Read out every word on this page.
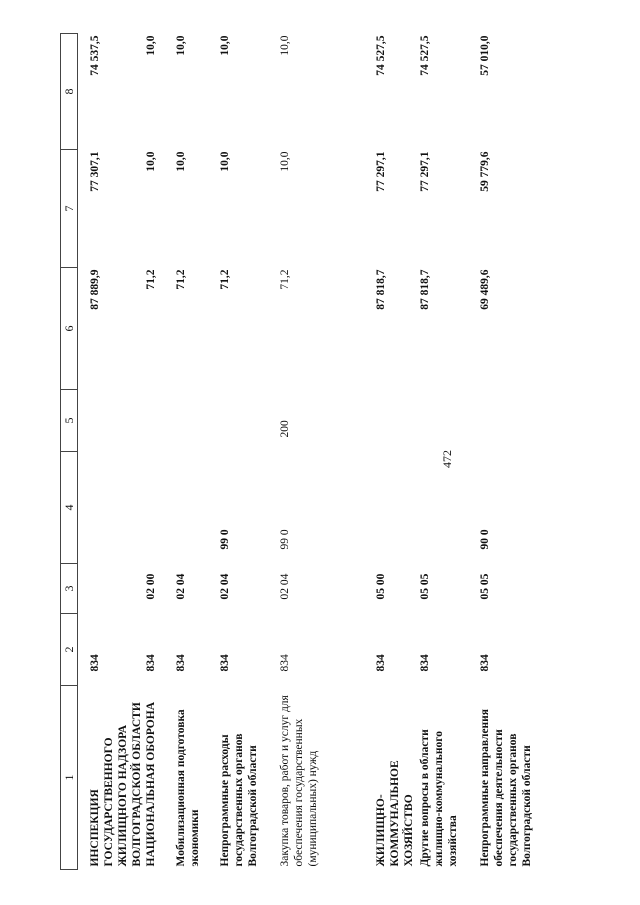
472
1	2	3	4	5	6	7	8
ИНСПЕКЦИЯ ГОСУДАРСТВЕННОГО ЖИЛИЩНОГО НАДЗОРА ВОЛГОГРАДСКОЙ ОБЛАСТИ	834				87 889,9	77 307,1	74 537,5
НАЦИОНАЛЬНАЯ ОБОРОНА	834	02 00			71,2	10,0	10,0
Мобилизационная подготовка экономики	834	02 04			71,2	10,0	10,0
Непрограммные расходы государственных органов Волгоградской области	834	02 04	99 0		71,2	10,0	10,0
Закупка товаров, работ и услуг для обеспечения государственных (муниципальных) нужд	834	02 04	99 0	200	71,2	10,0	10,0
ЖИЛИЩНО-КОММУНАЛЬНОЕ ХОЗЯЙСТВО	834	05 00			87 818,7	77 297,1	74 527,5
Другие вопросы в области жилищно-коммунального хозяйства	834	05 05			87 818,7	77 297,1	74 527,5
Непрограммные направления обеспечения деятельности государственных органов Волгоградской области	834	05 05	90 0		69 489,6	59 779,6	57 010,0
